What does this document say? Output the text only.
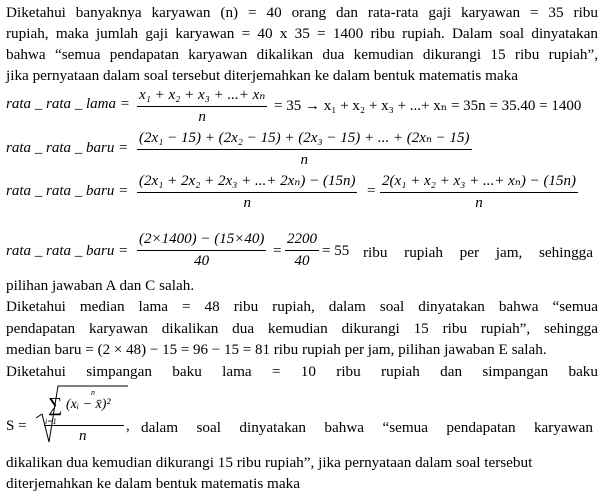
Diketahui banyaknya karyawan (n) = 40 orang dan rata-rata gaji karyawan = 35 ribu
rupiah, maka jumlah gaji karyawan = 40 x 35 = 1400 ribu rupiah. Dalam soal dinyatakan
bahwa “semua pendapatan karyawan dikalikan dua kemudian dikurangi 15 ribu rupiah”,
jika pernyataan dalam soal tersebut diterjemahkan ke dalam bentuk matematis maka
rata _ rata _ lama =
x₁ + x₂ + x₃ + ...+ xₙ
n
= 35 → x₁ + x₂ + x₃ + ...+ xₙ = 35n = 35.40 = 1400
rata _ rata _ baru =
(2x₁ − 15) + (2x₂ − 15) + (2x₃ − 15) + ... + (2xₙ − 15)
n
rata _ rata _ baru =
(2x₁ + 2x₂ + 2x₃ + ...+ 2xₙ) − (15n)
n
=
2(x₁ + x₂ + x₃ + ...+ xₙ) − (15n)
n
rata _ rata _ baru =
(2×1400) − (15×40)
40
=
2200
40
= 55 ribu rupiah per jam, sehingga
pilihan jawaban A dan C salah.
Diketahui median lama = 48 ribu rupiah, dalam soal dinyatakan bahwa “semua
pendapatan karyawan dikalikan dua kemudian dikurangi 15 ribu rupiah”, sehingga
median baru = (2 × 48) − 15 = 96 − 15 = 81 ribu rupiah per jam, pilihan jawaban E salah.
Diketahui simpangan baku lama = 10 ribu rupiah dan simpangan baku
S =
n
∑
i=1
(xᵢ − x̄)²
n
, dalam soal dinyatakan bahwa “semua pendapatan karyawan
dikalikan dua kemudian dikurangi 15 ribu rupiah”, jika pernyataan dalam soal tersebut
diterjemahkan ke dalam bentuk matematis maka
